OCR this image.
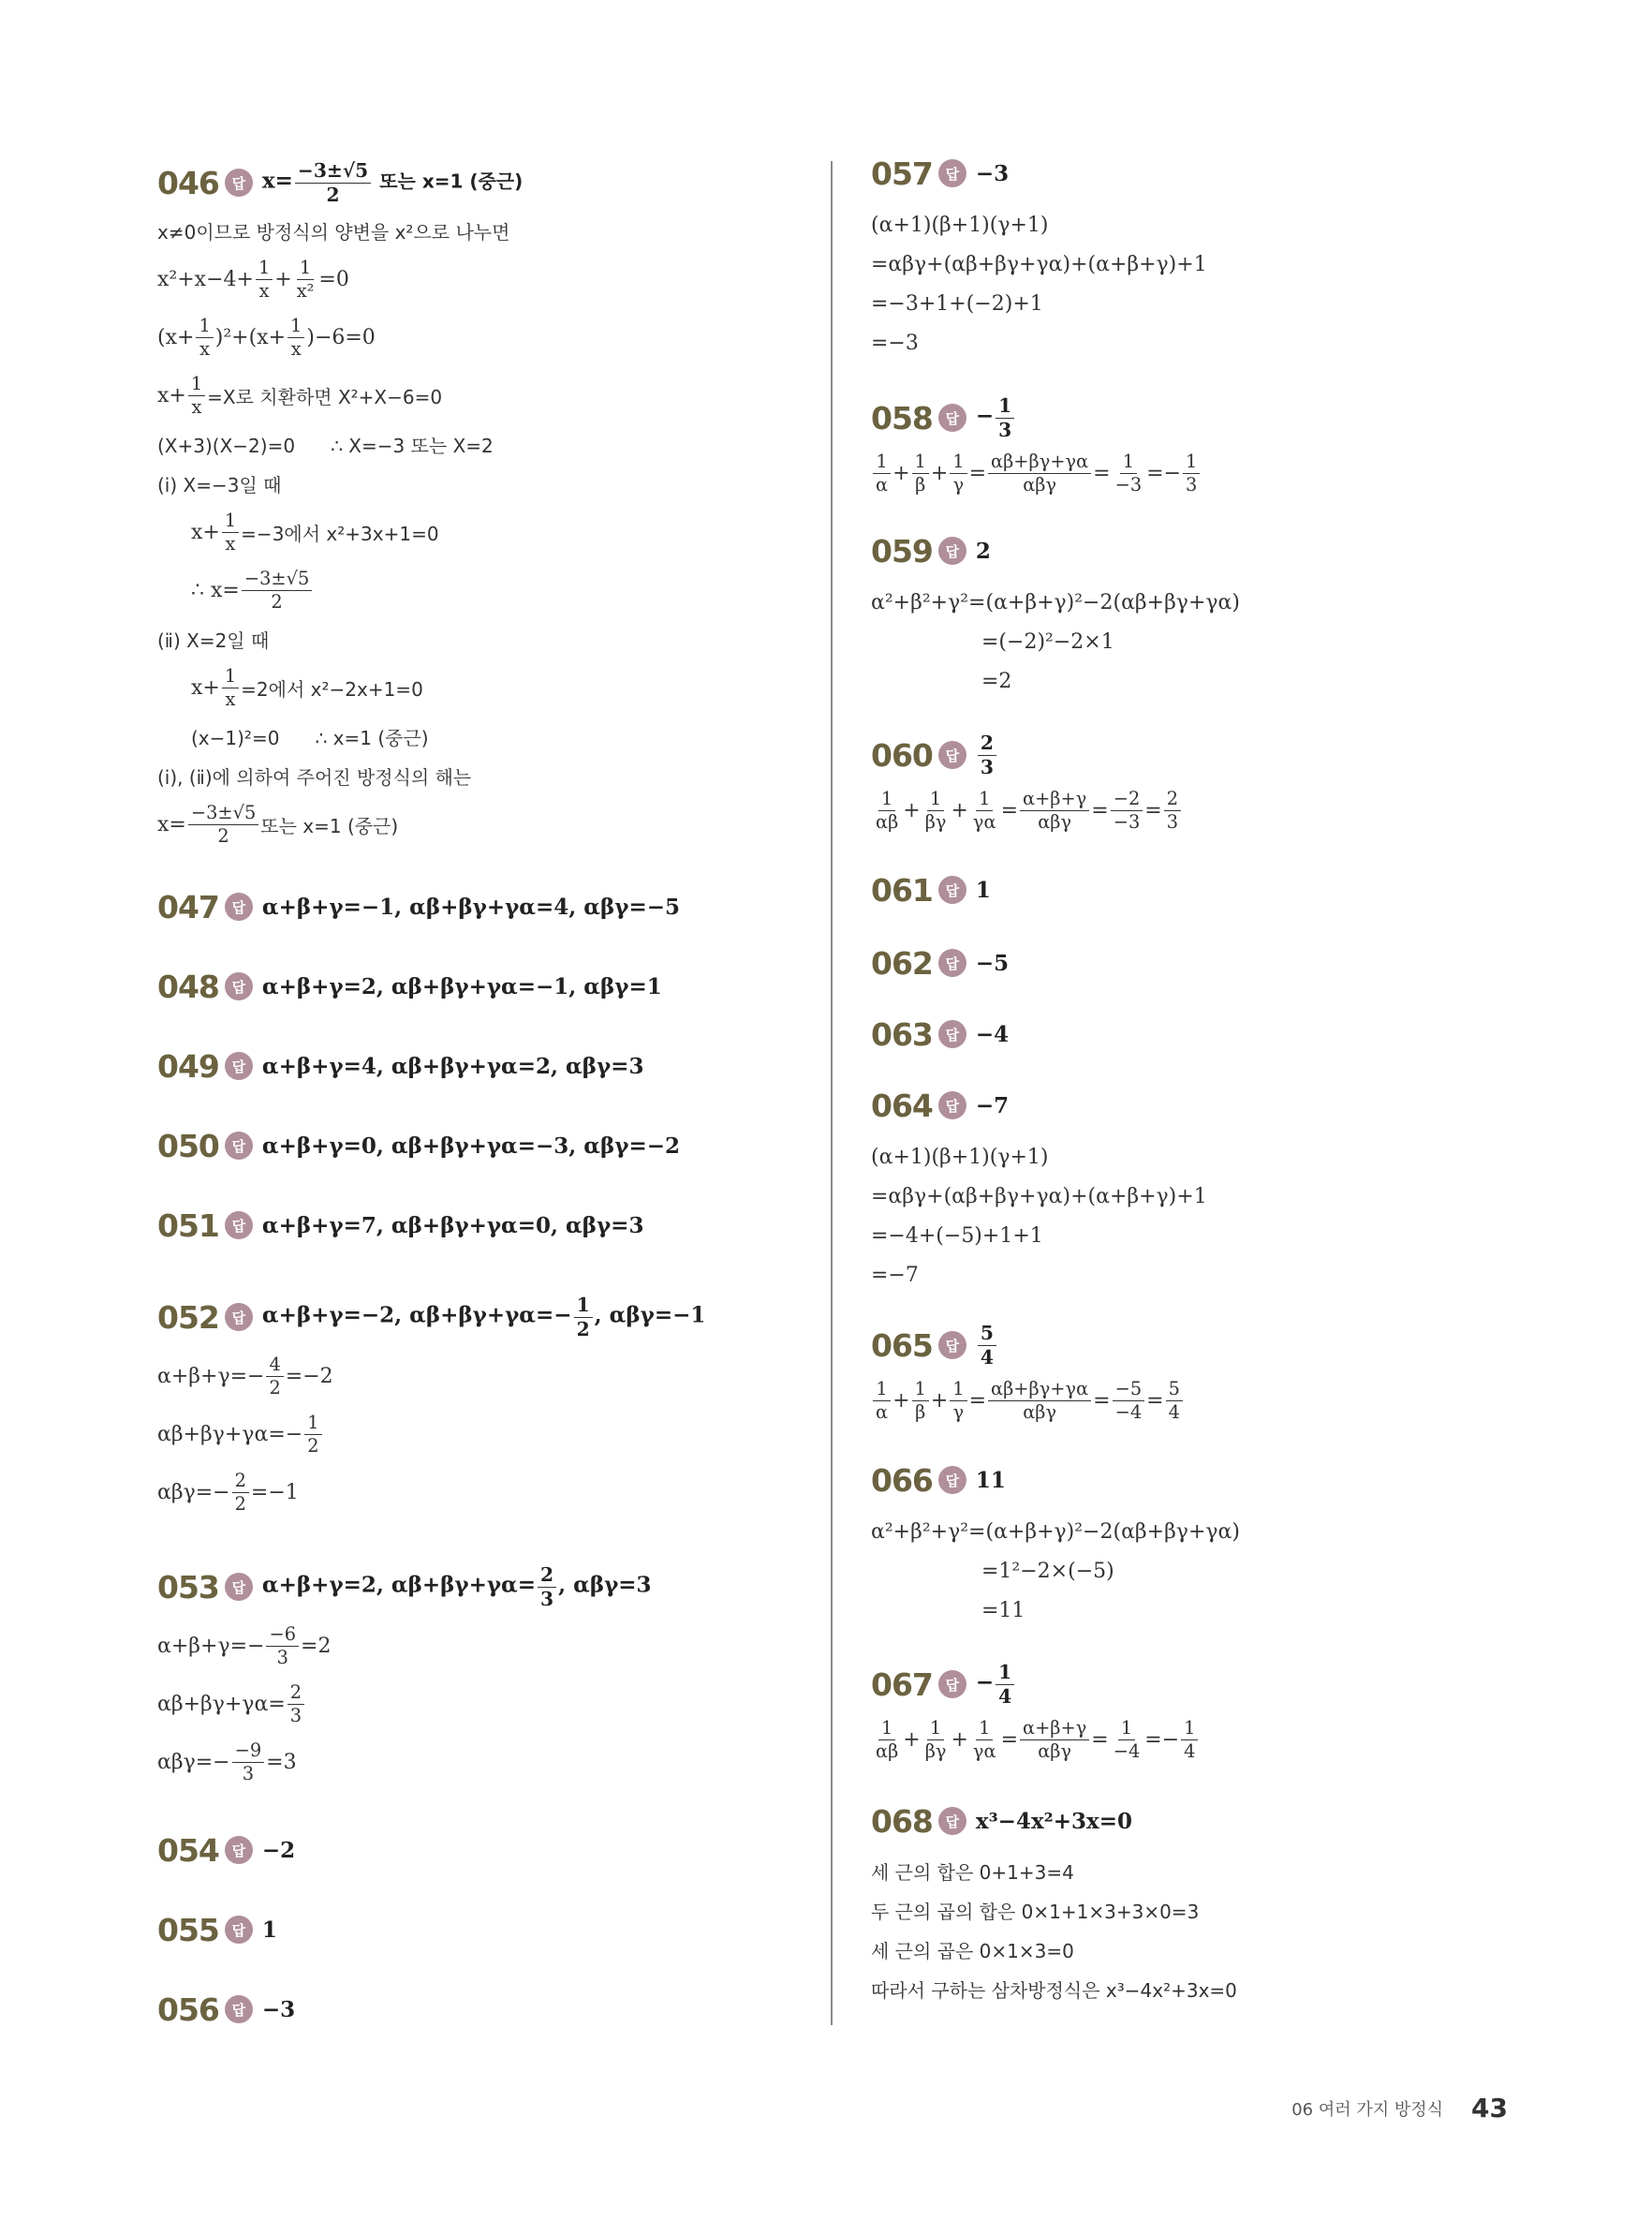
046 답 $x= \frac{-3\pm√5}{2}$ 또는 x=1 (중근)
x≠0이므로 방정식의 양변을 x²으로 나누면
$x^2+x-4+ \frac{1}{x} + \frac{1}{\text{x²}} =0$
$(x+ \frac{1}{x} )^2+(x+ \frac{1}{x} )-6=0$
$x+ \frac{1}{x} =X$로 치환하면 X²+X−6=0
(X+3)(X−2)=0      ∴ X=−3 또는 X=2
(ⅰ) X=−3일 때
$x+ \frac{1}{x} =-3$에서 x²+3x+1=0
∴ $x= \frac{-3\pm√5}{2}$
(ⅱ) X=2일 때
$x+ \frac{1}{x} =2$에서 x²−2x+1=0
(x−1)²=0      ∴ x=1 (중근)
(ⅰ), (ⅱ)에 의하여 주어진 방정식의 해는
$x= \frac{-3\pm√5}{2}$ 또는 x=1 (중근)
047 답 α+β+γ=−1, αβ+βγ+γα=4, αβγ=−5
048 답 α+β+γ=2, αβ+βγ+γα=−1, αβγ=1
049 답 α+β+γ=4, αβ+βγ+γα=2, αβγ=3
050 답 α+β+γ=0, αβ+βγ+γα=−3, αβγ=−2
051 답 α+β+γ=7, αβ+βγ+γα=0, αβγ=3
052 답 α+β+γ=−2, $\alpha\beta+\beta\gamma+\gamma\alpha=- \frac{1}{2}$ , αβγ=−1
$\alpha+\beta+\gamma=- \frac{4}{2} =-2$
$\alpha\beta+\beta\gamma+\gamma\alpha=- \frac{1}{2}$
$\alpha\beta\gamma=- \frac{2}{2} =-1$
053 답 α+β+γ=2, $\alpha\beta+\beta\gamma+\gamma\alpha= \frac{2}{3}$ , αβγ=3
$\alpha+\beta+\gamma=- \frac{-6}{3} =2$
$\alpha\beta+\beta\gamma+\gamma\alpha= \frac{2}{3}$
$\alpha\beta\gamma=- \frac{-9}{3} =3$
054 답 −2
055 답 1
056 답 −3
057 답 −3
(α+1)(β+1)(γ+1)
=αβγ+(αβ+βγ+γα)+(α+β+γ)+1
=−3+1+(−2)+1
=−3
058 답 − $\frac{1}{3}$
$\frac{1}{\alpha} + \frac{1}{\beta} + \frac{1}{\gamma} = \frac{\alpha\beta+\beta\gamma+\gamma\alpha}{\text{αβγ}} = \frac{1}{-3} =- \frac{1}{3}$
059 답 2
α²+β²+γ²=(α+β+γ)²−2(αβ+βγ+γα)
=(−2)²−2×1
=2
060 답 $\frac{2}{3}$
$\frac{1}{\alpha\beta} + \frac{1}{\beta\gamma} + \frac{1}{\gamma\alpha} = \frac{\alpha+\beta+\gamma}{\text{αβγ}} = \frac{-2}{-3} = \frac{2}{3}$
061 답 1
062 답 −5
063 답 −4
064 답 −7
(α+1)(β+1)(γ+1)
=αβγ+(αβ+βγ+γα)+(α+β+γ)+1
=−4+(−5)+1+1
=−7
065 답 $\frac{5}{4}$
$\frac{1}{\alpha} + \frac{1}{\beta} + \frac{1}{\gamma} = \frac{\alpha\beta+\beta\gamma+\gamma\alpha}{\text{αβγ}} = \frac{-5}{-4} = \frac{5}{4}$
066 답 11
α²+β²+γ²=(α+β+γ)²−2(αβ+βγ+γα)
=1²−2×(−5)
=11
067 답 − $\frac{1}{4}$
$\frac{1}{\alpha\beta} + \frac{1}{\beta\gamma} + \frac{1}{\gamma\alpha} = \frac{\alpha+\beta+\gamma}{\text{αβγ}} = \frac{1}{-4} =- \frac{1}{4}$
068 답 x³−4x²+3x=0
세 근의 합은 0+1+3=4
두 근의 곱의 합은 0×1+1×3+3×0=3
세 근의 곱은 0×1×3=0
따라서 구하는 삼차방정식은 x³−4x²+3x=0
06 여러 가지 방정식 43
